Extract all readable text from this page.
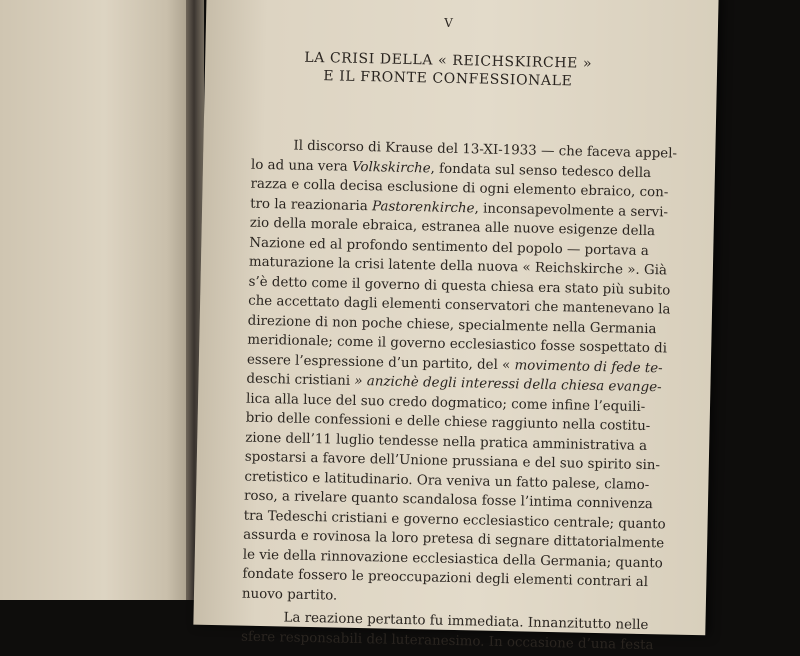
V
LA CRISI DELLA « REICHSKIRCHE »
E IL FRONTE CONFESSIONALE
Il discorso di Krause del 13-XI-1933 — che faceva appel-
lo ad una vera Volkskirche, fondata sul senso tedesco della
razza e colla decisa esclusione di ogni elemento ebraico, con-
tro la reazionaria Pastorenkirche, inconsapevolmente a servi-
zio della morale ebraica, estranea alle nuove esigenze della
Nazione ed al profondo sentimento del popolo — portava a
maturazione la crisi latente della nuova « Reichskirche ». Già
s’è detto come il governo di questa chiesa era stato più subito
che accettato dagli elementi conservatori che mantenevano la
direzione di non poche chiese, specialmente nella Germania
meridionale; come il governo ecclesiastico fosse sospettato di
essere l’espressione d’un partito, del « movimento di fede te-
deschi cristiani » anzichè degli interessi della chiesa evange-
lica alla luce del suo credo dogmatico; come infine l’equili-
brio delle confessioni e delle chiese raggiunto nella costitu-
zione dell’11 luglio tendesse nella pratica amministrativa a
spostarsi a favore dell’Unione prussiana e del suo spirito sin-
cretistico e latitudinario. Ora veniva un fatto palese, clamo-
roso, a rivelare quanto scandalosa fosse l’intima connivenza
tra Tedeschi cristiani e governo ecclesiastico centrale; quanto
assurda e rovinosa la loro pretesa di segnare dittatorialmente
le vie della rinnovazione ecclesiastica della Germania; quanto
fondate fossero le preoccupazioni degli elementi contrari al
nuovo partito.
La reazione pertanto fu immediata. Innanzitutto nelle
sfere responsabili del luteranesimo. In occasione d’una festa
